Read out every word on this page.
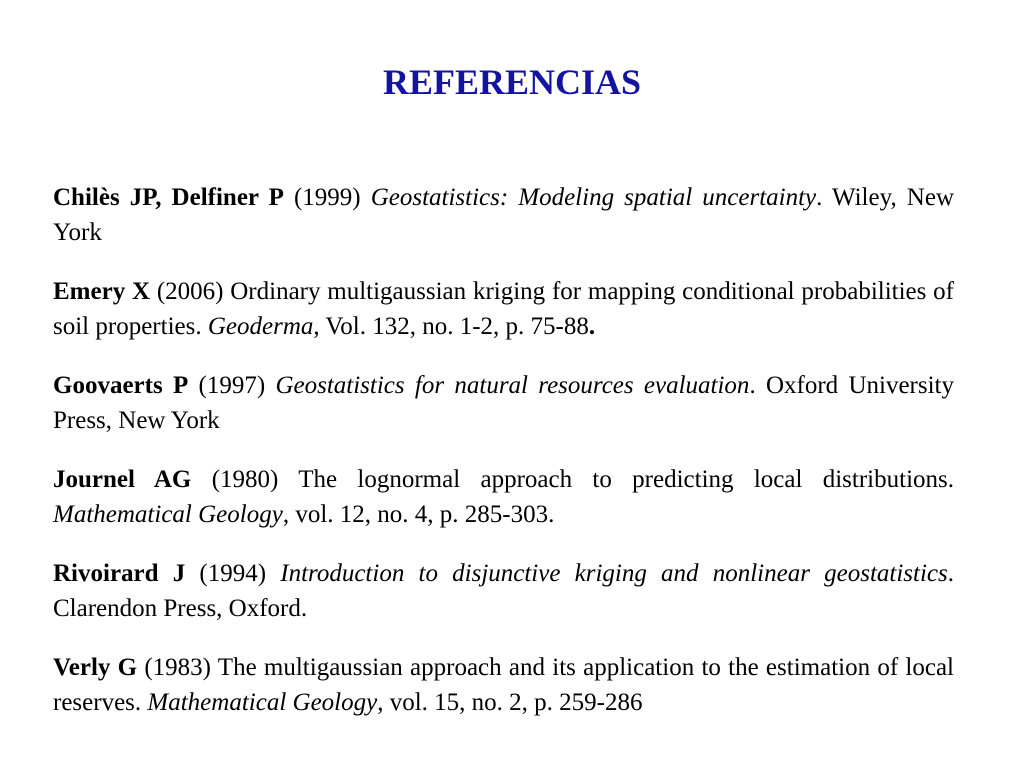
REFERENCIAS

Chilès JP, Delfiner P (1999) Geostatistics: Modeling spatial uncertainty. Wiley, New York

Emery X (2006) Ordinary multigaussian kriging for mapping conditional probabilities of soil properties. Geoderma, Vol. 132, no. 1-2, p. 75-88.

Goovaerts P (1997) Geostatistics for natural resources evaluation. Oxford University Press, New York

Journel AG (1980) The lognormal approach to predicting local distributions. Mathematical Geology, vol. 12, no. 4, p. 285-303.

Rivoirard J (1994) Introduction to disjunctive kriging and nonlinear geostatistics. Clarendon Press, Oxford.

Verly G (1983) The multigaussian approach and its application to the estimation of local reserves. Mathematical Geology, vol. 15, no. 2, p. 259-286
